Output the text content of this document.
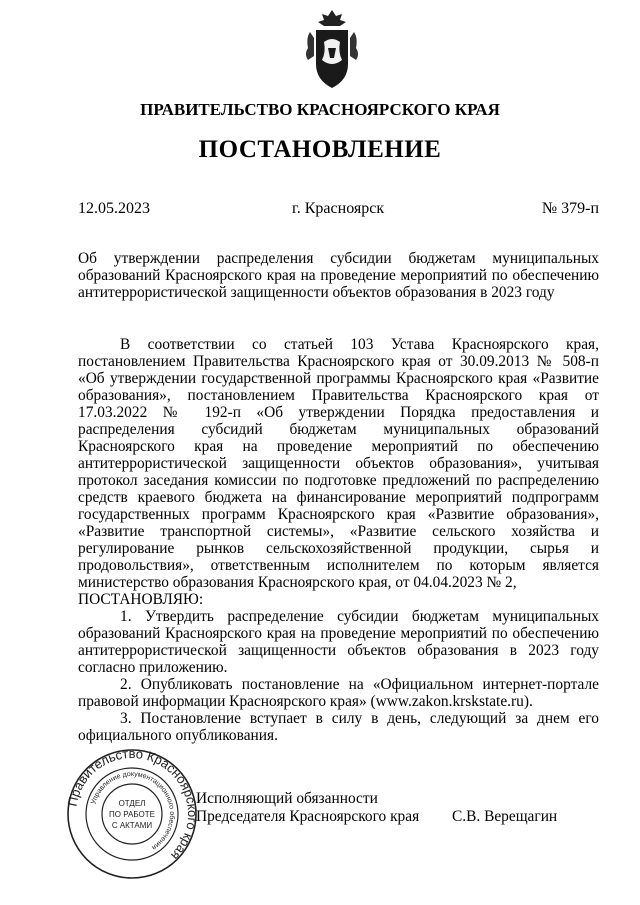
ПРАВИТЕЛЬСТВО КРАСНОЯРСКОГО КРАЯ
ПОСТАНОВЛЕНИЕ
12.05.2023	г. Красноярск	№ 379-п
Об утверждении распределения субсидии бюджетам муниципальных образований Красноярского края на проведение мероприятий по обеспечению антитеррористической защищенности объектов образования в 2023 году

В соответствии со статьей 103 Устава Красноярского края, постановлением Правительства Красноярского края от 30.09.2013 № 508-п «Об утверждении государственной программы Красноярского края «Развитие образования», постановлением Правительства Красноярского края от 17.03.2022 № 192-п «Об утверждении Порядка предоставления и распределения субсидий бюджетам муниципальных образований Красноярского края на проведение мероприятий по обеспечению антитеррористической защищенности объектов образования», учитывая протокол заседания комиссии по подготовке предложений по распределению средств краевого бюджета на финансирование мероприятий подпрограмм государственных программ Красноярского края «Развитие образования», «Развитие транспортной системы», «Развитие сельского хозяйства и регулирование рынков сельскохозяйственной продукции, сырья и продовольствия», ответственным исполнителем по которым является министерство образования Красноярского края, от 04.04.2023 № 2,

ПОСТАНОВЛЯЮ:

1. Утвердить распределение субсидии бюджетам муниципальных образований Красноярского края на проведение мероприятий по обеспечению антитеррористической защищенности объектов образования в 2023 году согласно приложению.

2. Опубликовать постановление на «Официальном интернет-портале правовой информации Красноярского края» (www.zakon.krskstate.ru).

3. Постановление вступает в силу в день, следующий за днем его официального опубликования.

Исполняющий обязанности
Председателя Красноярского края С.В. Верещагин
Правительство Красноярского края
Управление документационного обеспечения
ОТДЕЛ
ПО РАБОТЕ
С АКТАМИ
